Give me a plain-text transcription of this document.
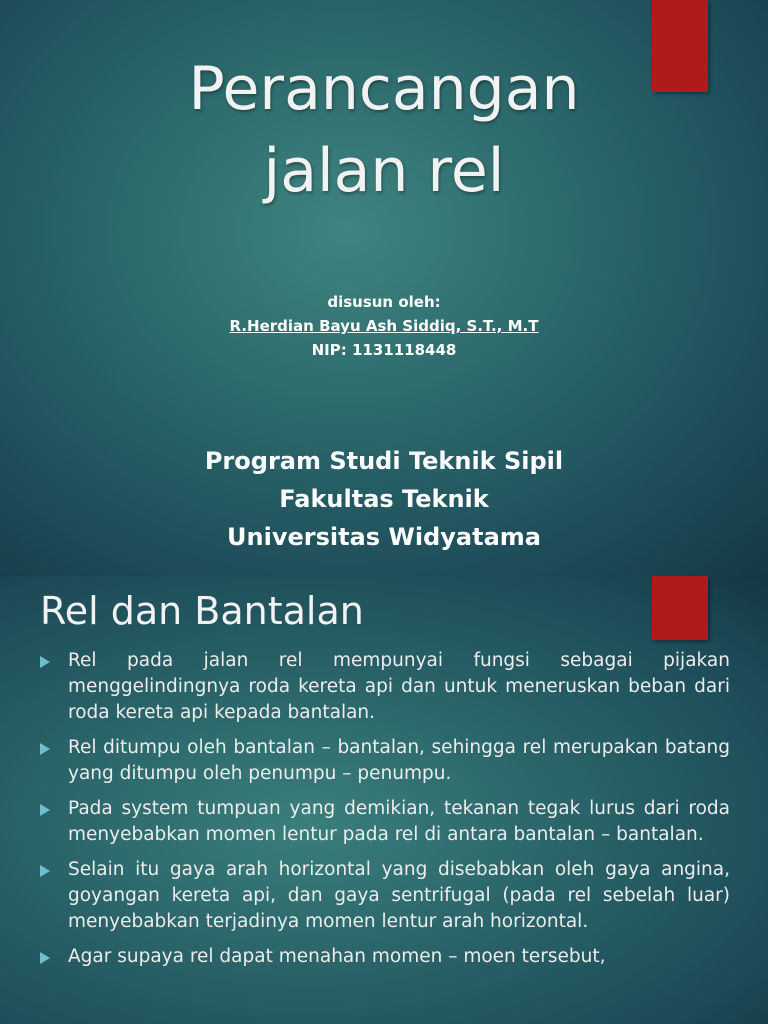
Perancangan
jalan rel
disusun oleh:
R.Herdian Bayu Ash Siddiq, S.T., M.T
NIP: 1131118448
Program Studi Teknik Sipil
Fakultas Teknik
Universitas Widyatama
Rel dan Bantalan
Rel pada jalan rel mempunyai fungsi sebagai pijakan menggelindingnya roda kereta api dan untuk meneruskan beban dari roda kereta api kepada bantalan.
Rel ditumpu oleh bantalan – bantalan, sehingga rel merupakan batang yang ditumpu oleh penumpu – penumpu.
Pada system tumpuan yang demikian, tekanan tegak lurus dari roda menyebabkan momen lentur pada rel di antara bantalan – bantalan.
Selain itu gaya arah horizontal yang disebabkan oleh gaya angina, goyangan kereta api, dan gaya sentrifugal (pada rel sebelah luar) menyebabkan terjadinya momen lentur arah horizontal.
Agar supaya rel dapat menahan momen – moen tersebut,
